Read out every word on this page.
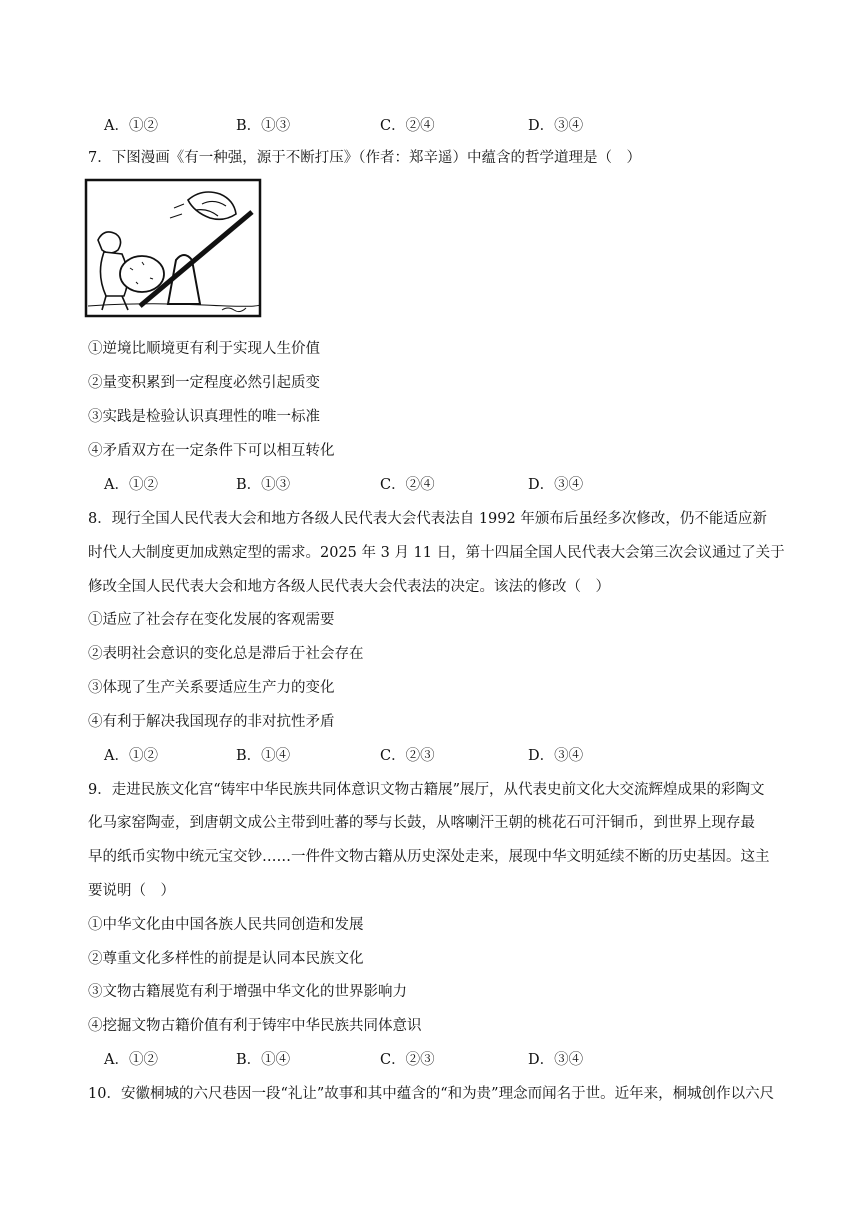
A．①②	B．①③	C．②④	D．③④
7．下图漫画《有一种强，源于不断打压》（作者：郑辛遥）中蕴含的哲学道理是（　）
①逆境比顺境更有利于实现人生价值
②量变积累到一定程度必然引起质变
③实践是检验认识真理性的唯一标准
④矛盾双方在一定条件下可以相互转化
A．①②	B．①③	C．②④	D．③④
8．现行全国人民代表大会和地方各级人民代表大会代表法自 1992 年颁布后虽经多次修改，仍不能适应新
时代人大制度更加成熟定型的需求。2025 年 3 月 11 日，第十四届全国人民代表大会第三次会议通过了关于
修改全国人民代表大会和地方各级人民代表大会代表法的决定。该法的修改（　）
①适应了社会存在变化发展的客观需要
②表明社会意识的变化总是滞后于社会存在
③体现了生产关系要适应生产力的变化
④有利于解决我国现存的非对抗性矛盾
A．①②	B．①④	C．②③	D．③④
9．走进民族文化宫“铸牢中华民族共同体意识文物古籍展”展厅，从代表史前文化大交流辉煌成果的彩陶文
化马家窑陶壶，到唐朝文成公主带到吐蕃的琴与长鼓，从喀喇汗王朝的桃花石可汗铜币，到世界上现存最
早的纸币实物中统元宝交钞……一件件文物古籍从历史深处走来，展现中华文明延续不断的历史基因。这主
要说明（　）
①中华文化由中国各族人民共同创造和发展
②尊重文化多样性的前提是认同本民族文化
③文物古籍展览有利于增强中华文化的世界影响力
④挖掘文物古籍价值有利于铸牢中华民族共同体意识
A．①②	B．①④	C．②③	D．③④
10．安徽桐城的六尺巷因一段“礼让”故事和其中蕴含的“和为贵”理念而闻名于世。近年来，桐城创作以六尺
